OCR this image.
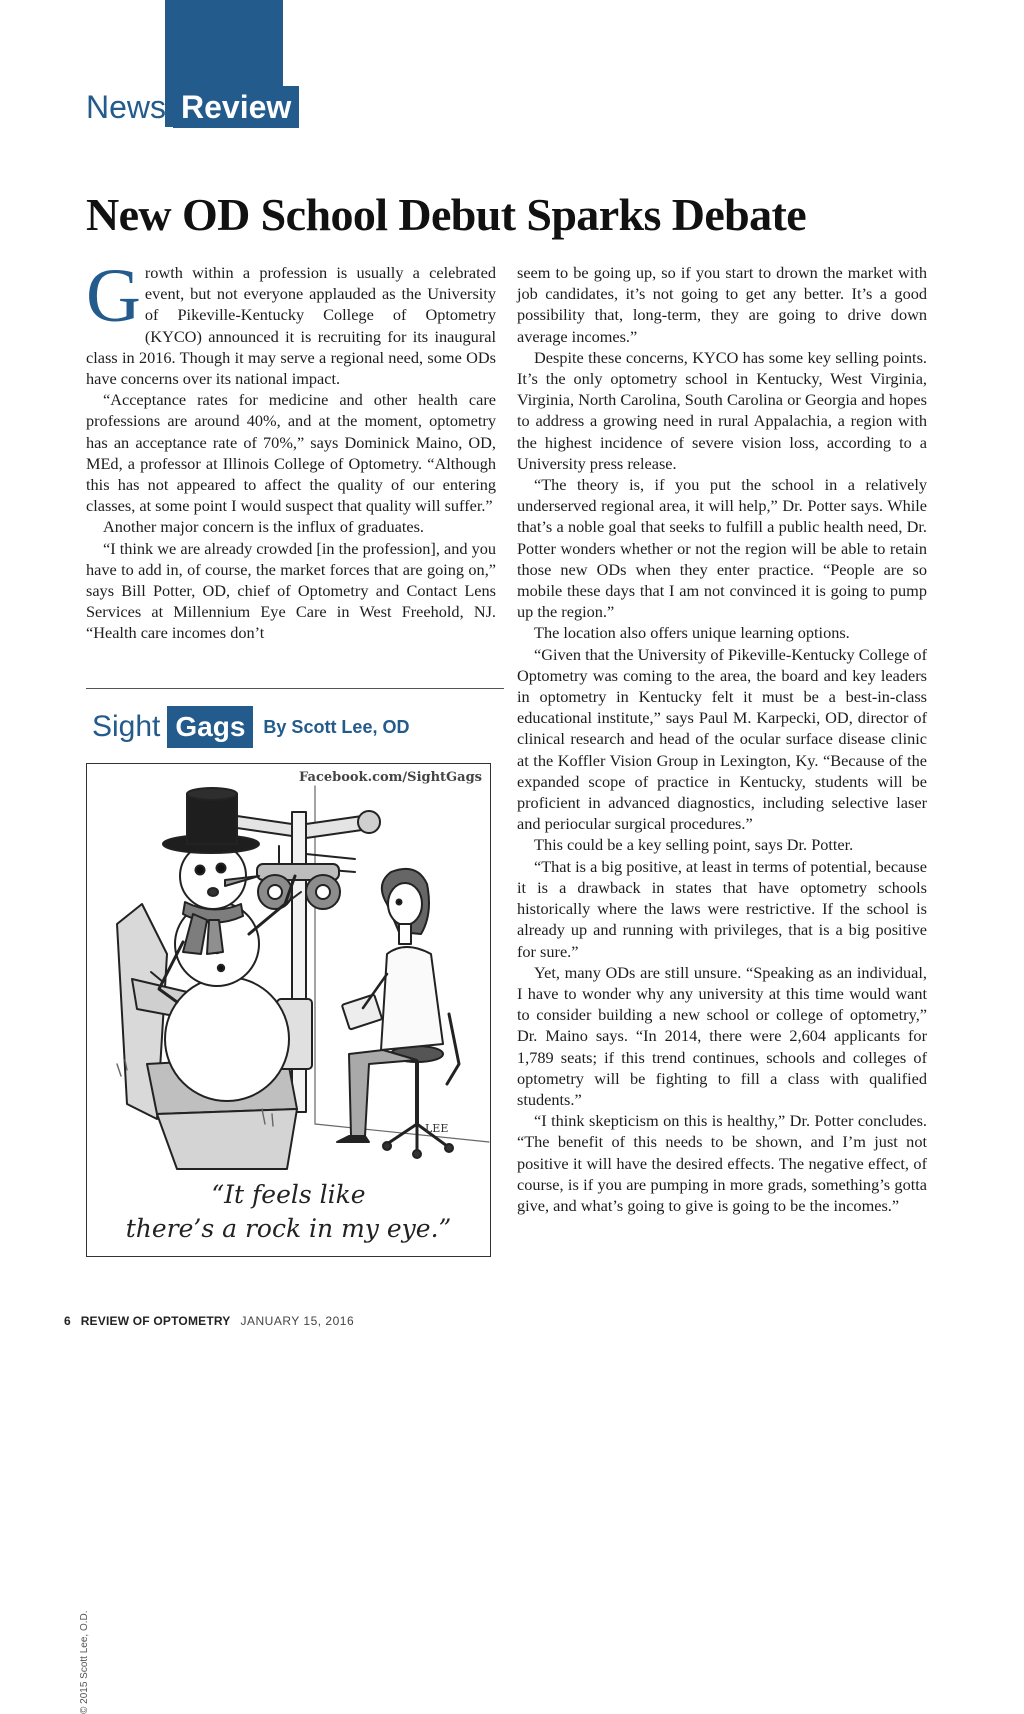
News Review
New OD School Debut Sparks Debate

Growth within a profession is usually a celebrated event, but not everyone applauded as the University of Pikeville-Kentucky College of Optometry (KYCO) announced it is recruiting for its inaugural class in 2016. Though it may serve a regional need, some ODs have concerns over its national impact.

“Acceptance rates for medicine and other health care professions are around 40%, and at the moment, optometry has an acceptance rate of 70%,” says Dominick Maino, OD, MEd, a professor at Illinois College of Optometry. “Although this has not appeared to affect the quality of our entering classes, at some point I would suspect that quality will suffer.”

Another major concern is the influx of graduates.

“I think we are already crowded [in the profession], and you have to add in, of course, the market forces that are going on,” says Bill Potter, OD, chief of Optometry and Contact Lens Services at Millennium Eye Care in West Freehold, NJ. “Health care incomes don’t

seem to be going up, so if you start to drown the market with job candidates, it’s not going to get any better. It’s a good possibility that, long-term, they are going to drive down average incomes.”

Despite these concerns, KYCO has some key selling points. It’s the only optometry school in Kentucky, West Virginia, Virginia, North Carolina, South Carolina or Georgia and hopes to address a growing need in rural Appalachia, a region with the highest incidence of severe vision loss, according to a University press release.

“The theory is, if you put the school in a relatively underserved regional area, it will help,” Dr. Potter says. While that’s a noble goal that seeks to fulfill a public health need, Dr. Potter wonders whether or not the region will be able to retain those new ODs when they enter practice. “People are so mobile these days that I am not convinced it is going to pump up the region.”

The location also offers unique learning options.

“Given that the University of Pikeville-Kentucky College of Optometry was coming to the area, the board and key leaders in optometry in Kentucky felt it must be a best-in-class educational institute,” says Paul M. Karpecki, OD, director of clinical research and head of the ocular surface disease clinic at the Koffler Vision Group in Lexington, Ky. “Because of the expanded scope of practice in Kentucky, students will be proficient in advanced diagnostics, including selective laser and periocular surgical procedures.”

This could be a key selling point, says Dr. Potter.

“That is a big positive, at least in terms of potential, because it is a drawback in states that have optometry schools historically where the laws were restrictive. If the school is already up and running with privileges, that is a big positive for sure.”

Yet, many ODs are still unsure. “Speaking as an individual, I have to wonder why any university at this time would want to consider building a new school or college of optometry,” Dr. Maino says. “In 2014, there were 2,604 applicants for 1,789 seats; if this trend continues, schools and colleges of optometry will be fighting to fill a class with qualified students.”

“I think skepticism on this is healthy,” Dr. Potter concludes. “The benefit of this needs to be shown, and I’m just not positive it will have the desired effects. The negative effect, of course, is if you are pumping in more grads, something’s gotta give, and what’s going to give is going to be the incomes.”

Sight Gags	By Scott Lee, OD
Facebook.com/SightGags
LEE
© 2015 Scott Lee, O.D.
“It feels like
there’s a rock in my eye.”
6 REVIEW OF OPTOMETRY JANUARY 15, 2016
